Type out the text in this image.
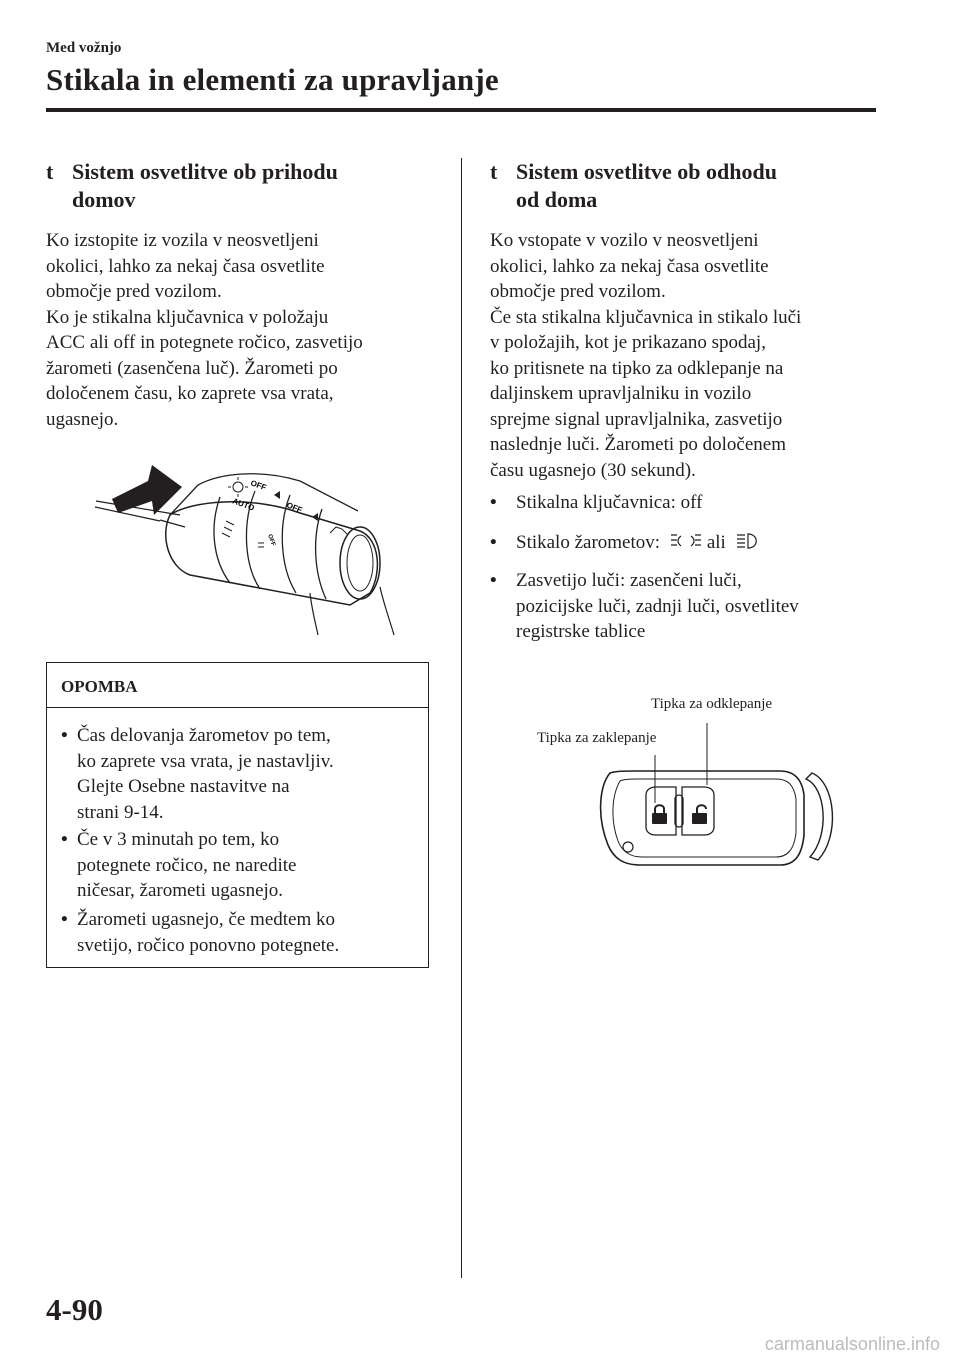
Med vožnjo
Stikala in elementi za upravljanje
t Sistem osvetlitve ob prihodu
domov

Ko izstopite iz vozila v neosvetljeni

okolici, lahko za nekaj časa osvetlite

območje pred vozilom.

Ko je stikalna ključavnica v položaju

ACC ali off in potegnete ročico, zasvetijo

žarometi (zasenčena luč). Žarometi po

določenem času, ko zaprete vsa vrata,

ugasnejo.

OFF
AUTO	OFF
OFF
OPOMBA
• Čas delovanja žarometov po tem,
ko zaprete vsa vrata, je nastavljiv.
Glejte Osebne nastavitve na
strani 9-14.
• Če v 3 minutah po tem, ko
potegnete ročico, ne naredite
ničesar, žarometi ugasnejo.
• Žarometi ugasnejo, če medtem ko
svetijo, ročico ponovno potegnete.
t Sistem osvetlitve ob odhodu
od doma

Ko vstopate v vozilo v neosvetljeni

okolici, lahko za nekaj časa osvetlite

območje pred vozilom.

Če sta stikalna ključavnica in stikalo luči

v položajih, kot je prikazano spodaj,

ko pritisnete na tipko za odklepanje na

daljinskem upravljalniku in vozilo

sprejme signal upravljalnika, zasvetijo

naslednje luči. Žarometi po določenem

času ugasnejo (30 sekund).

• Stikalna ključavnica: off
• Stikalo žarometov: ali
• Zasvetijo luči: zasenčeni luči,
pozicijske luči, zadnji luči, osvetlitev
registrske tablice
Tipka za odklepanje
Tipka za zaklepanje
4-90
carmanualsonline.info
